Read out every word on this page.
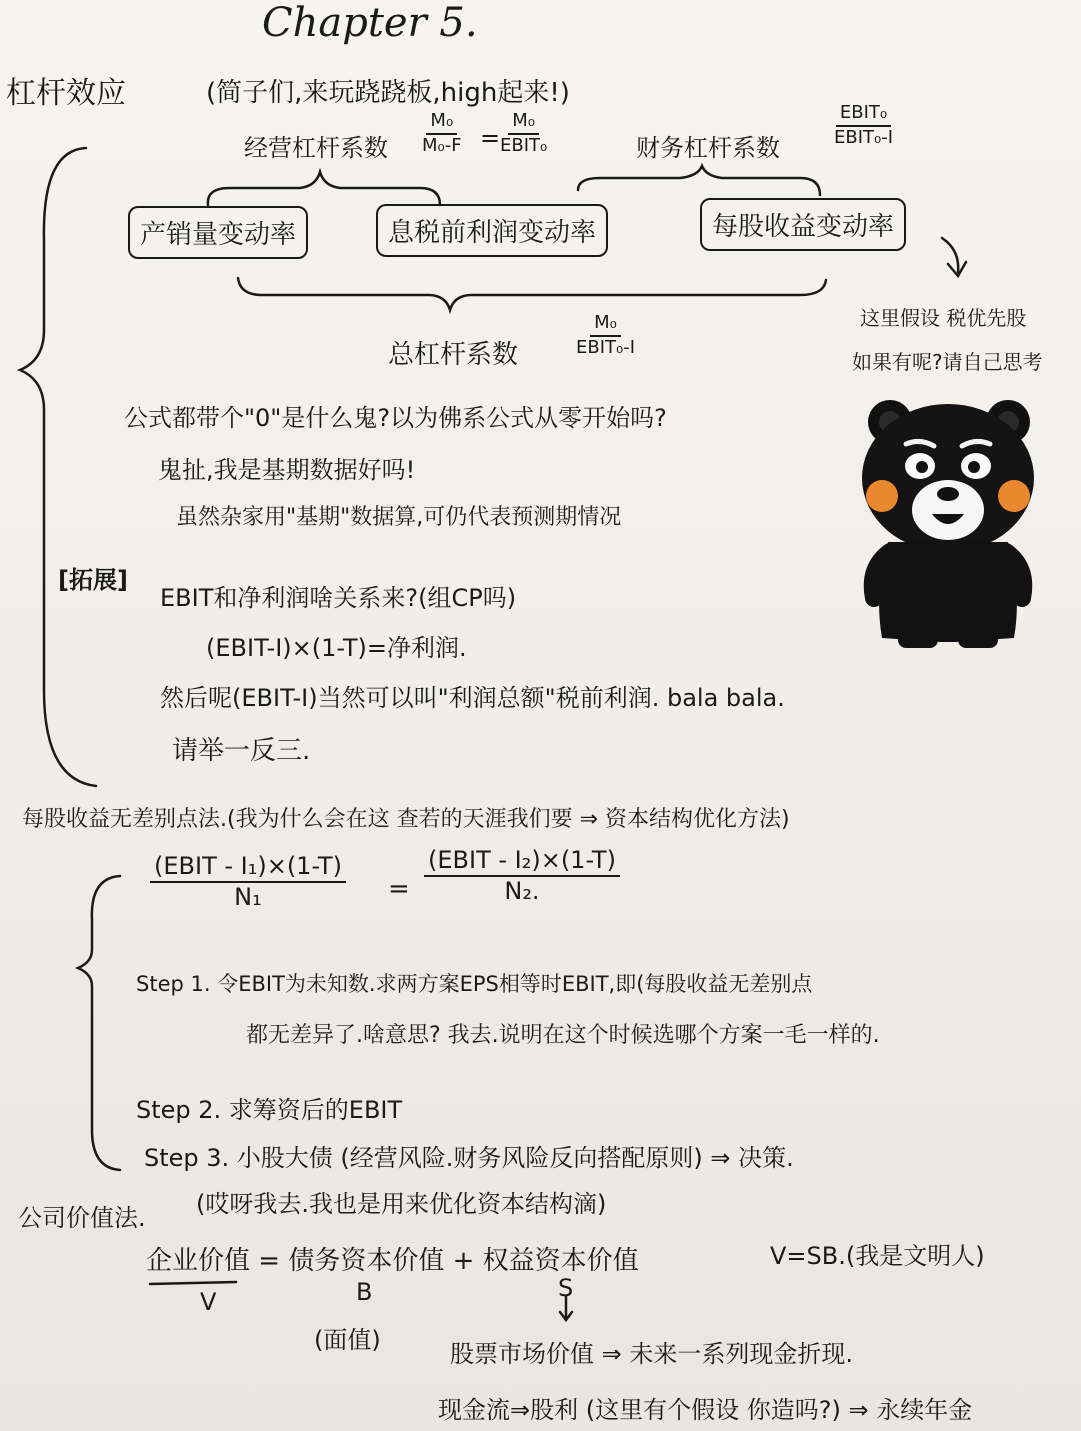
Chapter 5.
杠杆效应	(简子们,来玩跷跷板,high起来!)
经营杠杆系数 $\frac{\text{M₀}}{\text{M₀-F}}$ =
M₀
EBIT₀	财务杠杆系数
EBIT₀
EBIT₀-I
产销量变动率	息税前利润变动率	每股收益变动率
总杠杆系数
M₀
EBIT₀-I
这里假设 税优先股
如果有呢?请自己思考
公式都带个"0"是什么鬼?以为佛系公式从零开始吗?
鬼扯,我是基期数据好吗!
虽然杂家用"基期"数据算,可仍代表预测期情况
[拓展]
EBIT和净利润啥关系来?(组CP吗)
(EBIT-I)×(1-T)=净利润.
然后呢(EBIT-I)当然可以叫"利润总额"税前利润. bala bala.
请举一反三.
每股收益无差别点法.(我为什么会在这 查若的天涯我们要 ⇒ 资本结构优化方法)
(EBIT - I₁)×(1-T)
N₁	=
(EBIT - I₂)×(1-T)
N₂.
Step 1. 令EBIT为未知数.求两方案EPS相等时EBIT,即(每股收益无差别点
都无差异了.啥意思? 我去.说明在这个时候选哪个方案一毛一样的.
Step 2. 求筹资后的EBIT
Step 3. 小股大债 (经营风险.财务风险反向搭配原则) ⇒ 决策.
公司价值法. (哎呀我去.我也是用来优化资本结构滴)
企业价值 = 债务资本价值 + 权益资本价值	V=SB.(我是文明人)
V	B	S
(面值)	股票市场价值 ⇒ 未来一系列现金折现.
现金流⇒股利 (这里有个假设 你造吗?) ⇒ 永续年金
